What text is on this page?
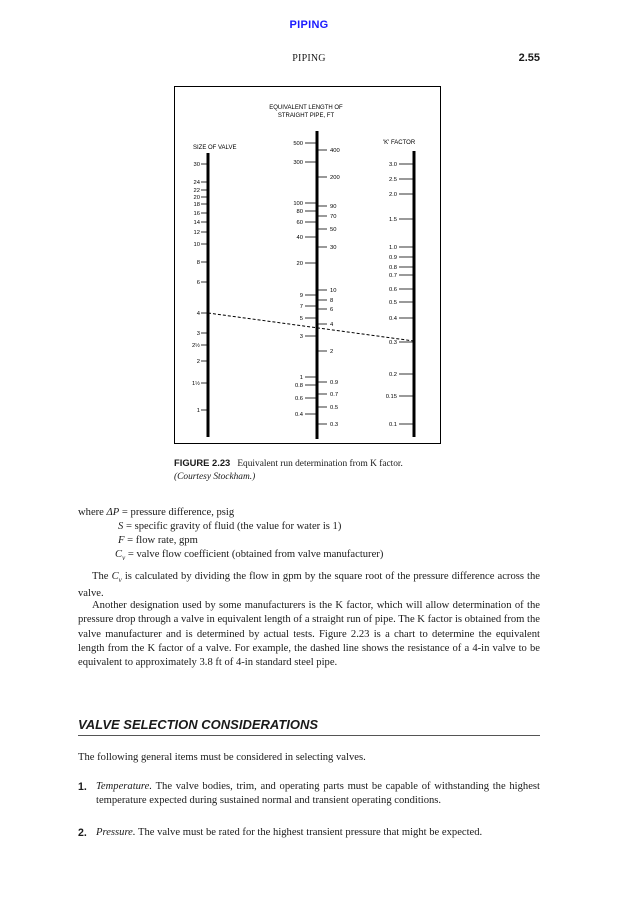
PIPING
PIPING	2.55
EQUIVALENT LENGTH OF
STRAIGHT PIPE, FT
SIZE OF VALVE
'K' FACTOR
30
24
22
20
18
16
14
12
10
8
6
4
3
2½
2
1½
1
500
300
100
80
60
40
20
9
7
5
3
1
0.8
0.6
0.4
400
200
90
70
50
30
10
8
6
4
2
0.9
0.7
0.5
0.3
3.0
2.5
2.0
1.5
1.0
0.9
0.8
0.7
0.6
0.5
0.4
0.3
0.2
0.15
0.1
FIGURE 2.23 Equivalent run determination from K factor.
(Courtesy Stockham.)
where ΔP = pressure difference, psig
S = specific gravity of fluid (the value for water is 1)
F = flow rate, gpm
$C_v$ = valve flow coefficient (obtained from valve manufacturer)

The $C_v$ is calculated by dividing the flow in gpm by the square root of the pressure difference across the valve.

Another designation used by some manufacturers is the K factor, which will allow determination of the pressure drop through a valve in equivalent length of a straight run of pipe. The K factor is obtained from the valve manufacturer and is determined by actual tests. Figure 2.23 is a chart to determine the equivalent length from the K factor of a valve. For example, the dashed line shows the resistance of a 4-in valve to be equivalent to approximately 3.8 ft of 4-in standard steel pipe.

VALVE SELECTION CONSIDERATIONS

The following general items must be considered in selecting valves.

1. Temperature. The valve bodies, trim, and operating parts must be capable of withstanding the highest temperature expected during sustained normal and transient operating conditions.
2. Pressure. The valve must be rated for the highest transient pressure that might be expected.
